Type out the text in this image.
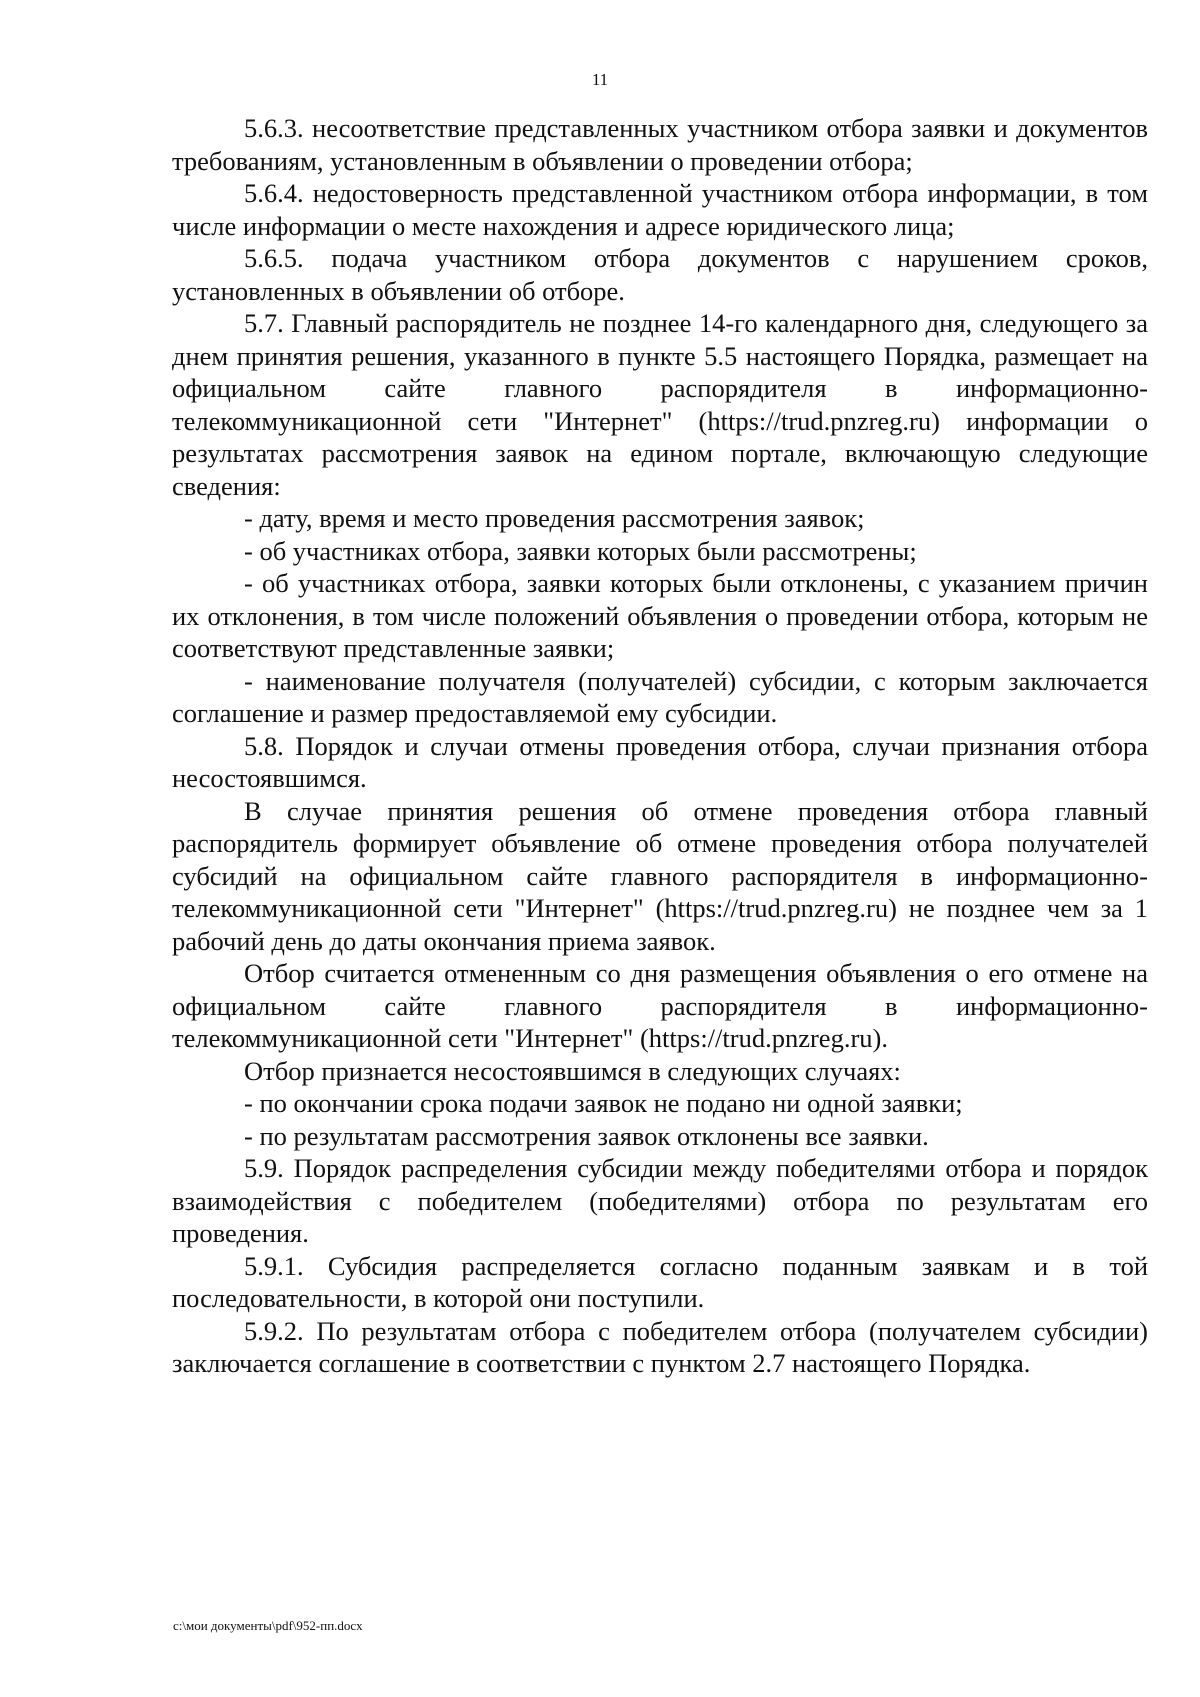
11

5.6.3. несоответствие представленных участником отбора заявки и документов требованиям, установленным в объявлении о проведении отбора;

5.6.4. недостоверность представленной участником отбора информации, в том числе информации о месте нахождения и адресе юридического лица;

5.6.5. подача участником отбора документов с нарушением сроков, установленных в объявлении об отборе.

5.7. Главный распорядитель не позднее 14-го календарного дня, следующего за днем принятия решения, указанного в пункте 5.5 настоящего Порядка, размещает на официальном сайте главного распорядителя в информационно-телекоммуникационной сети "Интернет" (https://trud.pnzreg.ru) информации о результатах рассмотрения заявок на едином портале, включающую следующие сведения:

- дату, время и место проведения рассмотрения заявок;

- об участниках отбора, заявки которых были рассмотрены;

- об участниках отбора, заявки которых были отклонены, с указанием причин их отклонения, в том числе положений объявления о проведении отбора, которым не соответствуют представленные заявки;

- наименование получателя (получателей) субсидии, с которым заключается соглашение и размер предоставляемой ему субсидии.

5.8. Порядок и случаи отмены проведения отбора, случаи признания отбора несостоявшимся.

В случае принятия решения об отмене проведения отбора главный распорядитель формирует объявление об отмене проведения отбора получателей субсидий на официальном сайте главного распорядителя в информационно-телекоммуникационной сети "Интернет" (https://trud.pnzreg.ru) не позднее чем за 1 рабочий день до даты окончания приема заявок.

Отбор считается отмененным со дня размещения объявления о его отмене на официальном сайте главного распорядителя в информационно-телекоммуникационной сети "Интернет" (https://trud.pnzreg.ru).

Отбор признается несостоявшимся в следующих случаях:

- по окончании срока подачи заявок не подано ни одной заявки;

- по результатам рассмотрения заявок отклонены все заявки.

5.9. Порядок распределения субсидии между победителями отбора и порядок взаимодействия с победителем (победителями) отбора по результатам его проведения.

5.9.1. Субсидия распределяется согласно поданным заявкам и в той последовательности, в которой они поступили.

5.9.2. По результатам отбора с победителем отбора (получателем субсидии) заключается соглашение в соответствии с пунктом 2.7 настоящего Порядка.

c:\мои документы\pdf\952-пп.docx
